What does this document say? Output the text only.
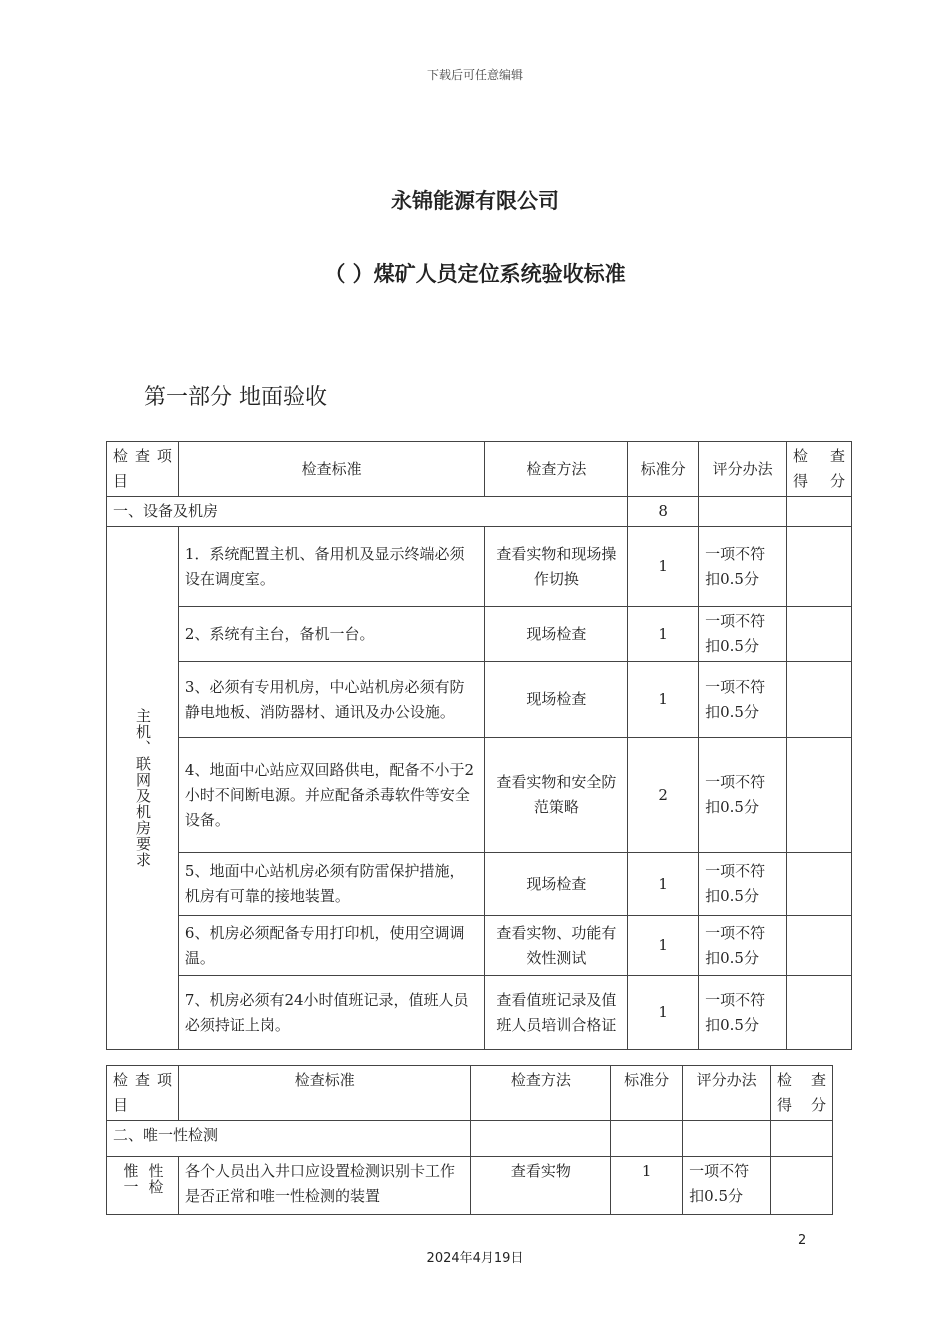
下载后可任意编辑
永锦能源有限公司
（ ）煤矿人员定位系统验收标准
第一部分 地面验收
检 查 项 目	检查标准	检查方法	标准分	评分办法	检 查 得 分

一、设备及机房			8		

主机、联网及机房要求	1．系统配置主机、备用机及显示终端必须设在调度室。	查看实物和现场操作切换	1	一项不符扣0.5分	
	2、系统有主台，备机一台。	现场检查	1	一项不符扣0.5分	
	3、必须有专用机房，中心站机房必须有防静电地板、消防器材、通讯及办公设施。	现场检查	1	一项不符扣0.5分	
	4、地面中心站应双回路供电，配备不小于2小时不间断电源。并应配备杀毒软件等安全设备。	查看实物和安全防范策略	2	一项不符扣0.5分	
	5、地面中心站机房必须有防雷保护措施，机房有可靠的接地装置。	现场检查	1	一项不符扣0.5分	
	6、机房必须配备专用打印机，使用空调调温。	查看实物、功能有效性测试	1	一项不符扣0.5分	
	7、机房必须有24小时值班记录，值班人员必须持证上岗。	查看值班记录及值班人员培训合格证	1	一项不符扣0.5分	
检 查 项 目	检查标准	检查方法	标准分	评分办法	检 查 得 分

二、唯一性检测					

惟一性检	各个人员出入井口应设置检测识别卡工作是否正常和唯一性检测的装置	查看实物	1	一项不符扣0.5分	
2
2024年4月19日
